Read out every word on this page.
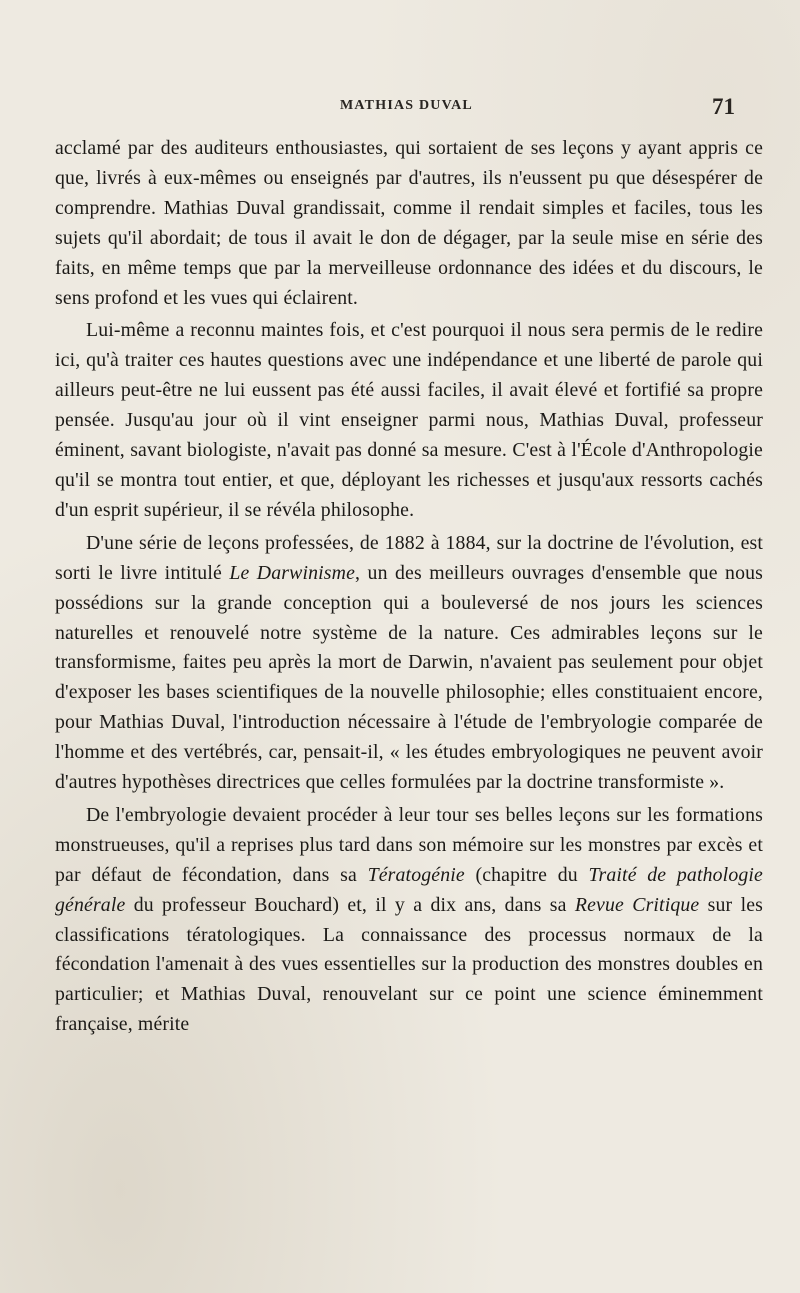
MATHIAS DUVAL	71

acclamé par des auditeurs enthousiastes, qui sortaient de ses leçons y ayant appris ce que, livrés à eux-mêmes ou enseignés par d'autres, ils n'eussent pu que désespérer de comprendre. Mathias Duval grandissait, comme il rendait simples et faciles, tous les sujets qu'il abordait; de tous il avait le don de dégager, par la seule mise en série des faits, en même temps que par la merveilleuse ordonnance des idées et du discours, le sens profond et les vues qui éclairent.

Lui-même a reconnu maintes fois, et c'est pourquoi il nous sera permis de le redire ici, qu'à traiter ces hautes questions avec une indépendance et une liberté de parole qui ailleurs peut-être ne lui eussent pas été aussi faciles, il avait élevé et fortifié sa propre pensée. Jusqu'au jour où il vint enseigner parmi nous, Mathias Duval, professeur éminent, savant biologiste, n'avait pas donné sa mesure. C'est à l'École d'Anthropologie qu'il se montra tout entier, et que, déployant les richesses et jusqu'aux ressorts cachés d'un esprit supérieur, il se révéla philosophe.

D'une série de leçons professées, de 1882 à 1884, sur la doctrine de l'évolution, est sorti le livre intitulé Le Darwinisme, un des meilleurs ouvrages d'ensemble que nous possédions sur la grande conception qui a bouleversé de nos jours les sciences naturelles et renouvelé notre système de la nature. Ces admirables leçons sur le transformisme, faites peu après la mort de Darwin, n'avaient pas seulement pour objet d'exposer les bases scientifiques de la nouvelle philosophie; elles constituaient encore, pour Mathias Duval, l'introduction nécessaire à l'étude de l'embryologie comparée de l'homme et des vertébrés, car, pensait-il, « les études embryologiques ne peuvent avoir d'autres hypothèses directrices que celles formulées par la doctrine transformiste ».

De l'embryologie devaient procéder à leur tour ses belles leçons sur les formations monstrueuses, qu'il a reprises plus tard dans son mémoire sur les monstres par excès et par défaut de fécondation, dans sa Tératogénie (chapitre du Traité de pathologie générale du professeur Bouchard) et, il y a dix ans, dans sa Revue Critique sur les classifications tératologiques. La connaissance des processus normaux de la fécondation l'amenait à des vues essentielles sur la production des monstres doubles en particulier; et Mathias Duval, renouvelant sur ce point une science éminemment française, mérite
